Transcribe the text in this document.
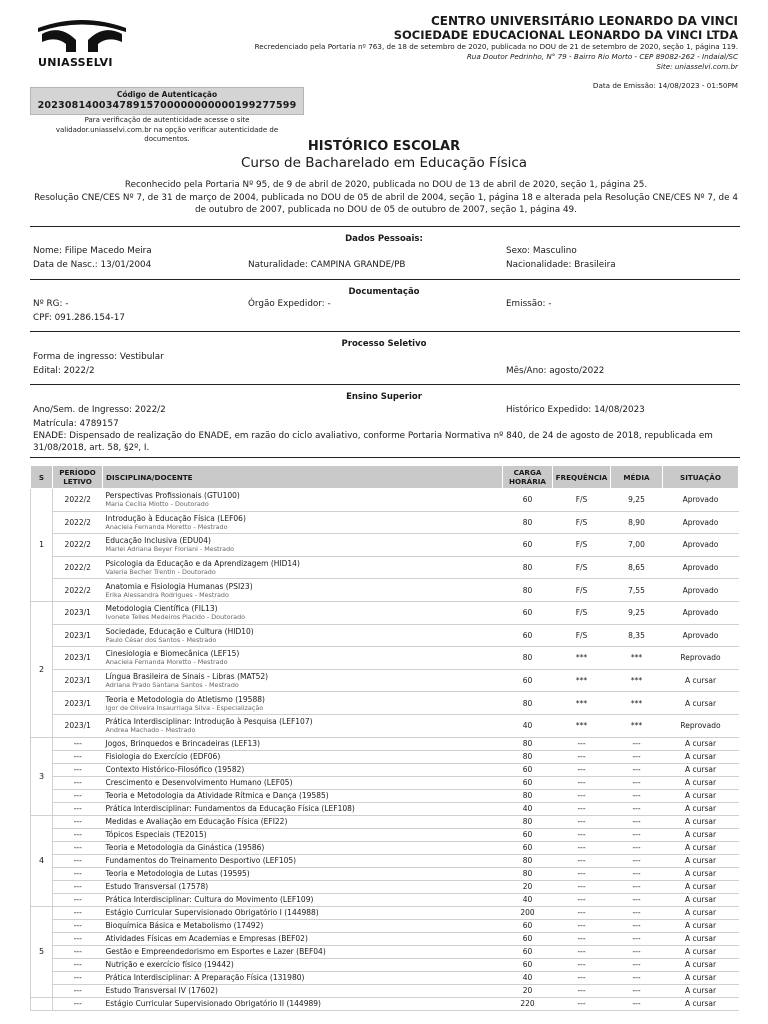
UNIASSELVI
CENTRO UNIVERSITÁRIO LEONARDO DA VINCI
SOCIEDADE EDUCACIONAL LEONARDO DA VINCI LTDA
Recredenciado pela Portaria nº 763, de 18 de setembro de 2020, publicada no DOU de 21 de setembro de 2020, seção 1, página 119.
Rua Doutor Pedrinho, N° 79 - Bairro Rio Morto - CEP 89082-262 - Indaial/SC
Site: uniasselvi.com.br
Data de Emissão: 14/08/2023 - 01:50PM
Código de Autenticação
20230814003478915700000000000199277599
Para verificação de autenticidade acesse o site
validador.uniasselvi.com.br na opção verificar autenticidade de
documentos.	HISTÓRICO ESCOLAR
Curso de Bacharelado em Educação Física
Reconhecido pela Portaria Nº 95, de 9 de abril de 2020, publicada no DOU de 13 de abril de 2020, seção 1, página 25.
Resolução CNE/CES Nº 7, de 31 de março de 2004, publicada no DOU de 05 de abril de 2004, seção 1, página 18 e alterada pela Resolução CNE/CES Nº 7, de 4 de outubro de 2007, publicada no DOU de 05 de outubro de 2007, seção 1, página 49.
Dados Pessoais:
Nome: Filipe Macedo Meira	Sexo: Masculino
Data de Nasc.: 13/01/2004	Naturalidade: CAMPINA GRANDE/PB	Nacionalidade: Brasileira
Documentação
Nº RG: -	Órgão Expedidor: -	Emissão: -
CPF: 091.286.154-17
Processo Seletivo
Forma de ingresso: Vestibular
Edital: 2022/2	Mês/Ano: agosto/2022
Ensino Superior
Ano/Sem. de Ingresso: 2022/2	Histórico Expedido: 14/08/2023
Matrícula: 4789157
ENADE: Dispensado de realização do ENADE, em razão do ciclo avaliativo, conforme Portaria Normativa nº 840, de 24 de agosto de 2018, republicada em 31/08/2018, art. 58, §2º, I.
S	PERÍODO LETIVO	DISCIPLINA/DOCENTE	CARGA HORÁRIA	FREQUÊNCIA	MÉDIA	SITUAÇÃO
1	2022/2	Perspectivas Profissionais (GTU100)
Maria Cecília Miotto - Doutorado	60	F/S	9,25	Aprovado
	2022/2	Introdução à Educação Física (LEF06)
Anacleia Fernanda Moretto - Mestrado	80	F/S	8,90	Aprovado
	2022/2	Educação Inclusiva (EDU04)
Marlei Adriana Beyer Floriani - Mestrado	60	F/S	7,00	Aprovado
	2022/2	Psicologia da Educação e da Aprendizagem (HID14)
Valeria Becher Trentin - Doutorado	80	F/S	8,65	Aprovado
	2022/2	Anatomia e Fisiologia Humanas (PSI23)
Erika Alessandra Rodrigues - Mestrado	80	F/S	7,55	Aprovado
2	2023/1	Metodologia Científica (FIL13)
Ivonete Telles Medeiros Placido - Doutorado	60	F/S	9,25	Aprovado
	2023/1	Sociedade, Educação e Cultura (HID10)
Paulo César dos Santos - Mestrado	60	F/S	8,35	Aprovado
	2023/1	Cinesiologia e Biomecânica (LEF15)
Anacleia Fernanda Moretto - Mestrado	80	***	***	Reprovado
	2023/1	Língua Brasileira de Sinais - Libras (MAT52)
Adriana Prado Santana Santos - Mestrado	60	***	***	A cursar
	2023/1	Teoria e Metodologia do Atletismo (19588)
Igor de Oliveira Insaurriaga Silva - Especialização	80	***	***	A cursar
	2023/1	Prática Interdisciplinar: Introdução à Pesquisa (LEF107)
Andrea Machado - Mestrado	40	***	***	Reprovado
3	---	Jogos, Brinquedos e Brincadeiras (LEF13)	80	---	---	A cursar
	---	Fisiologia do Exercício (EDF06)	80	---	---	A cursar
	---	Contexto Histórico-Filosófico (19582)	60	---	---	A cursar
	---	Crescimento e Desenvolvimento Humano (LEF05)	60	---	---	A cursar
	---	Teoria e Metodologia da Atividade Rítmica e Dança (19585)	80	---	---	A cursar
	---	Prática Interdisciplinar: Fundamentos da Educação Física (LEF108)	40	---	---	A cursar
4	---	Medidas e Avaliação em Educação Física (EFI22)	80	---	---	A cursar
	---	Tópicos Especiais (TE2015)	60	---	---	A cursar
	---	Teoria e Metodologia da Ginástica (19586)	60	---	---	A cursar
	---	Fundamentos do Treinamento Desportivo (LEF105)	80	---	---	A cursar
	---	Teoria e Metodologia de Lutas (19595)	80	---	---	A cursar
	---	Estudo Transversal (17578)	20	---	---	A cursar
	---	Prática Interdisciplinar: Cultura do Movimento (LEF109)	40	---	---	A cursar
5	---	Estágio Curricular Supervisionado Obrigatório I (144988)	200	---	---	A cursar
	---	Bioquímica Básica e Metabolismo (17492)	60	---	---	A cursar
	---	Atividades Físicas em Academias e Empresas (BEF02)	60	---	---	A cursar
	---	Gestão e Empreendedorismo em Esportes e Lazer (BEF04)	60	---	---	A cursar
	---	Nutrição e exercício físico (19442)	60	---	---	A cursar
	---	Prática Interdisciplinar: A Preparação Física (131980)	40	---	---	A cursar
	---	Estudo Transversal IV (17602)	20	---	---	A cursar
	---	Estágio Curricular Supervisionado Obrigatório II (144989)	220	---	---	A cursar
